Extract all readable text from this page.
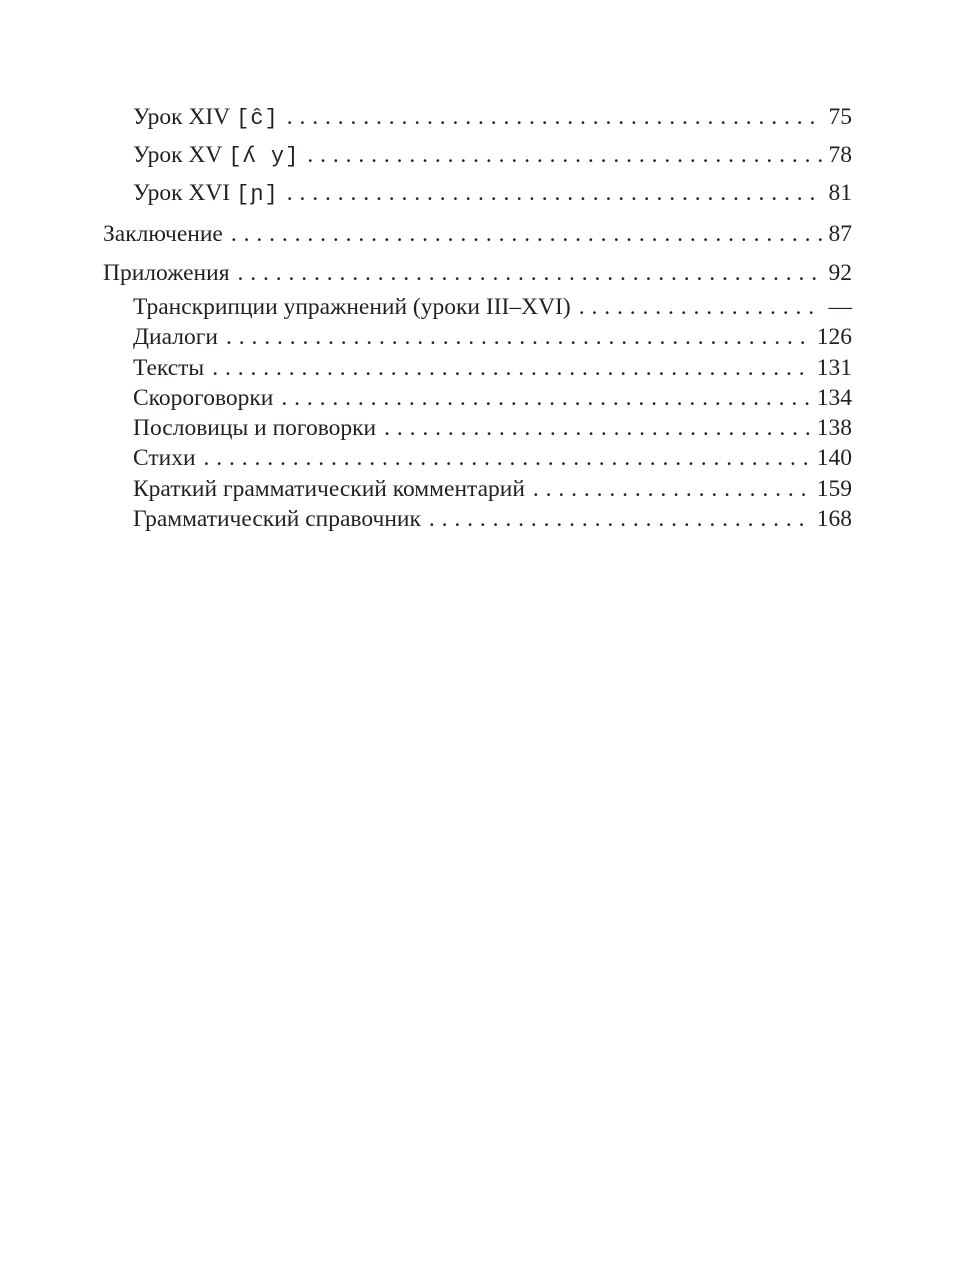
Урок XIV [ĉ] . . .	75
Урок XV [ʎ y] . . .	78
Урок XVI [ɲ] . . .	81
Заключение . . .	87
Приложения . . .	92
Транскрипции упражнений (уроки III–XVI) . . .	—
Диалоги . . .	126
Тексты . . .	131
Скороговорки . . .	134
Пословицы и поговорки . . .	138
Стихи . . .	140
Краткий грамматический комментарий . . .	159
Грамматический справочник . . .	168
